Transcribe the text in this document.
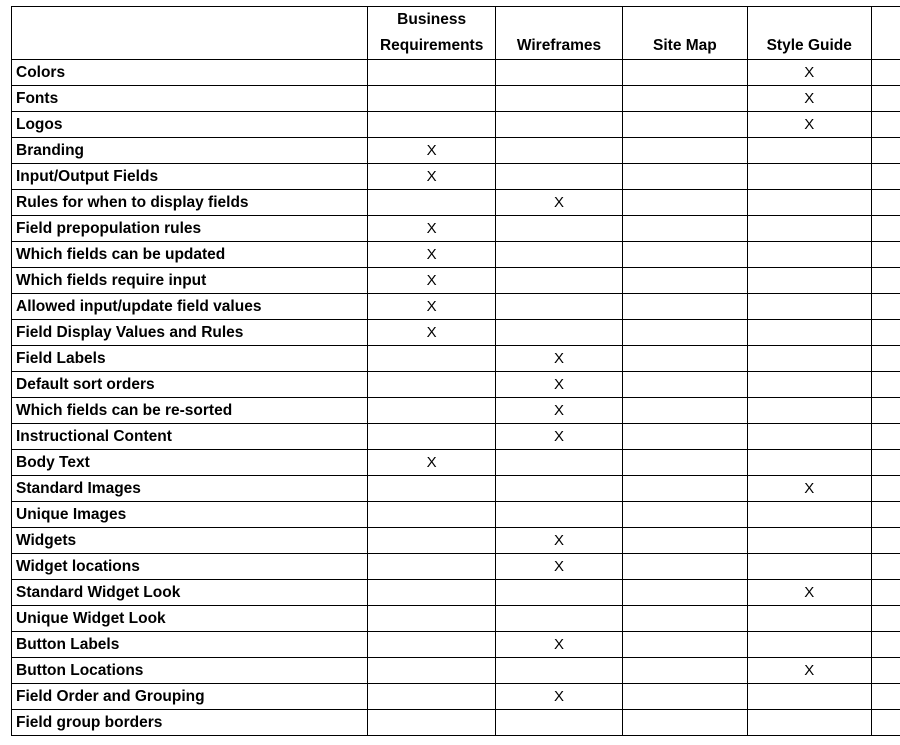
	Business Requirements	Wireframes	Site Map	Style Guide	
Colors				X	
Fonts				X	
Logos				X	
Branding	X				
Input/Output Fields	X				
Rules for when to display fields		X			
Field prepopulation rules	X				
Which fields can be updated	X				
Which fields require input	X				
Allowed input/update field values	X				
Field Display Values and Rules	X				
Field Labels		X			
Default sort orders		X			
Which fields can be re-sorted		X			
Instructional Content		X			
Body Text	X				
Standard Images				X	
Unique Images					
Widgets		X			
Widget locations		X			
Standard Widget Look				X	
Unique Widget Look					
Button Labels		X			
Button Locations				X	
Field Order and Grouping		X			
Field group borders					
